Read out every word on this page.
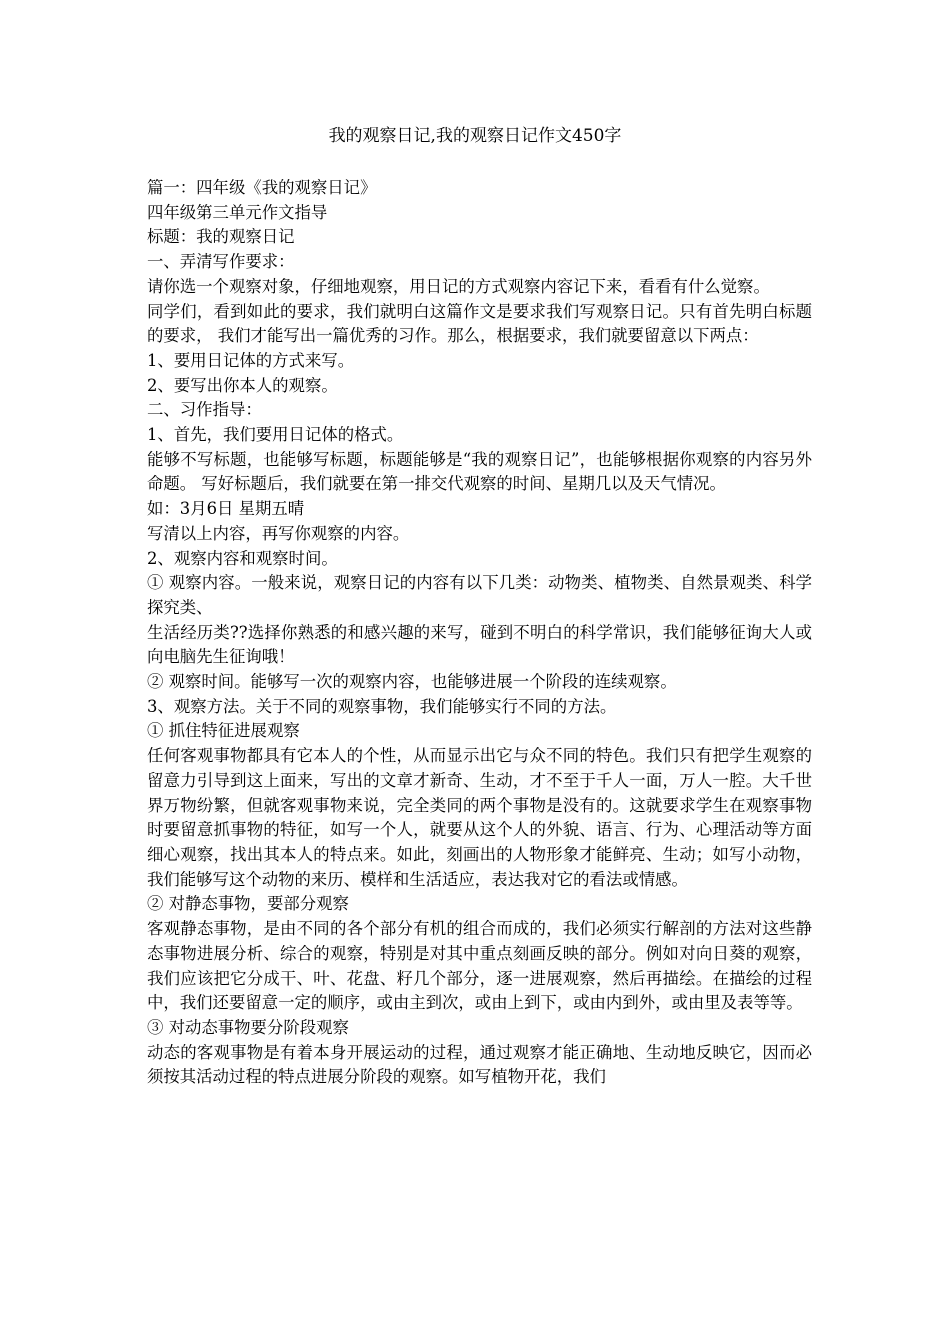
我的观察日记,我的观察日记作文450字

篇一：四年级《我的观察日记》

四年级第三单元作文指导

标题：我的观察日记

一、弄清写作要求：

请你选一个观察对象，仔细地观察，用日记的方式观察内容记下来，看看有什么觉察。

同学们，看到如此的要求，我们就明白这篇作文是要求我们写观察日记。只有首先明白标题的要求， 我们才能写出一篇优秀的习作。那么，根据要求，我们就要留意以下两点：

1、要用日记体的方式来写。

2、要写出你本人的观察。

二、习作指导：

1、首先，我们要用日记体的格式。

能够不写标题，也能够写标题，标题能够是“我的观察日记”，也能够根据你观察的内容另外命题。 写好标题后，我们就要在第一排交代观察的时间、星期几以及天气情况。

如：3月6日 星期五晴

写清以上内容，再写你观察的内容。

2、观察内容和观察时间。

① 观察内容。一般来说，观察日记的内容有以下几类：动物类、植物类、自然景观类、科学探究类、

生活经历类??选择你熟悉的和感兴趣的来写，碰到不明白的科学常识，我们能够征询大人或向电脑先生征询哦！

② 观察时间。能够写一次的观察内容，也能够进展一个阶段的连续观察。

3、观察方法。关于不同的观察事物，我们能够实行不同的方法。

① 抓住特征进展观察

任何客观事物都具有它本人的个性，从而显示出它与众不同的特色。我们只有把学生观察的留意力引导到这上面来，写出的文章才新奇、生动，才不至于千人一面，万人一腔。大千世界万物纷繁，但就客观事物来说，完全类同的两个事物是没有的。这就要求学生在观察事物时要留意抓事物的特征，如写一个人，就要从这个人的外貌、语言、行为、心理活动等方面细心观察，找出其本人的特点来。如此，刻画出的人物形象才能鲜亮、生动；如写小动物，我们能够写这个动物的来历、模样和生活适应，表达我对它的看法或情感。

② 对静态事物，要部分观察

客观静态事物，是由不同的各个部分有机的组合而成的，我们必须实行解剖的方法对这些静态事物进展分析、综合的观察，特别是对其中重点刻画反映的部分。例如对向日葵的观察，我们应该把它分成干、叶、花盘、籽几个部分，逐一进展观察，然后再描绘。在描绘的过程中，我们还要留意一定的顺序，或由主到次，或由上到下，或由内到外，或由里及表等等。

③ 对动态事物要分阶段观察

动态的客观事物是有着本身开展运动的过程，通过观察才能正确地、生动地反映它，因而必须按其活动过程的特点进展分阶段的观察。如写植物开花，我们
